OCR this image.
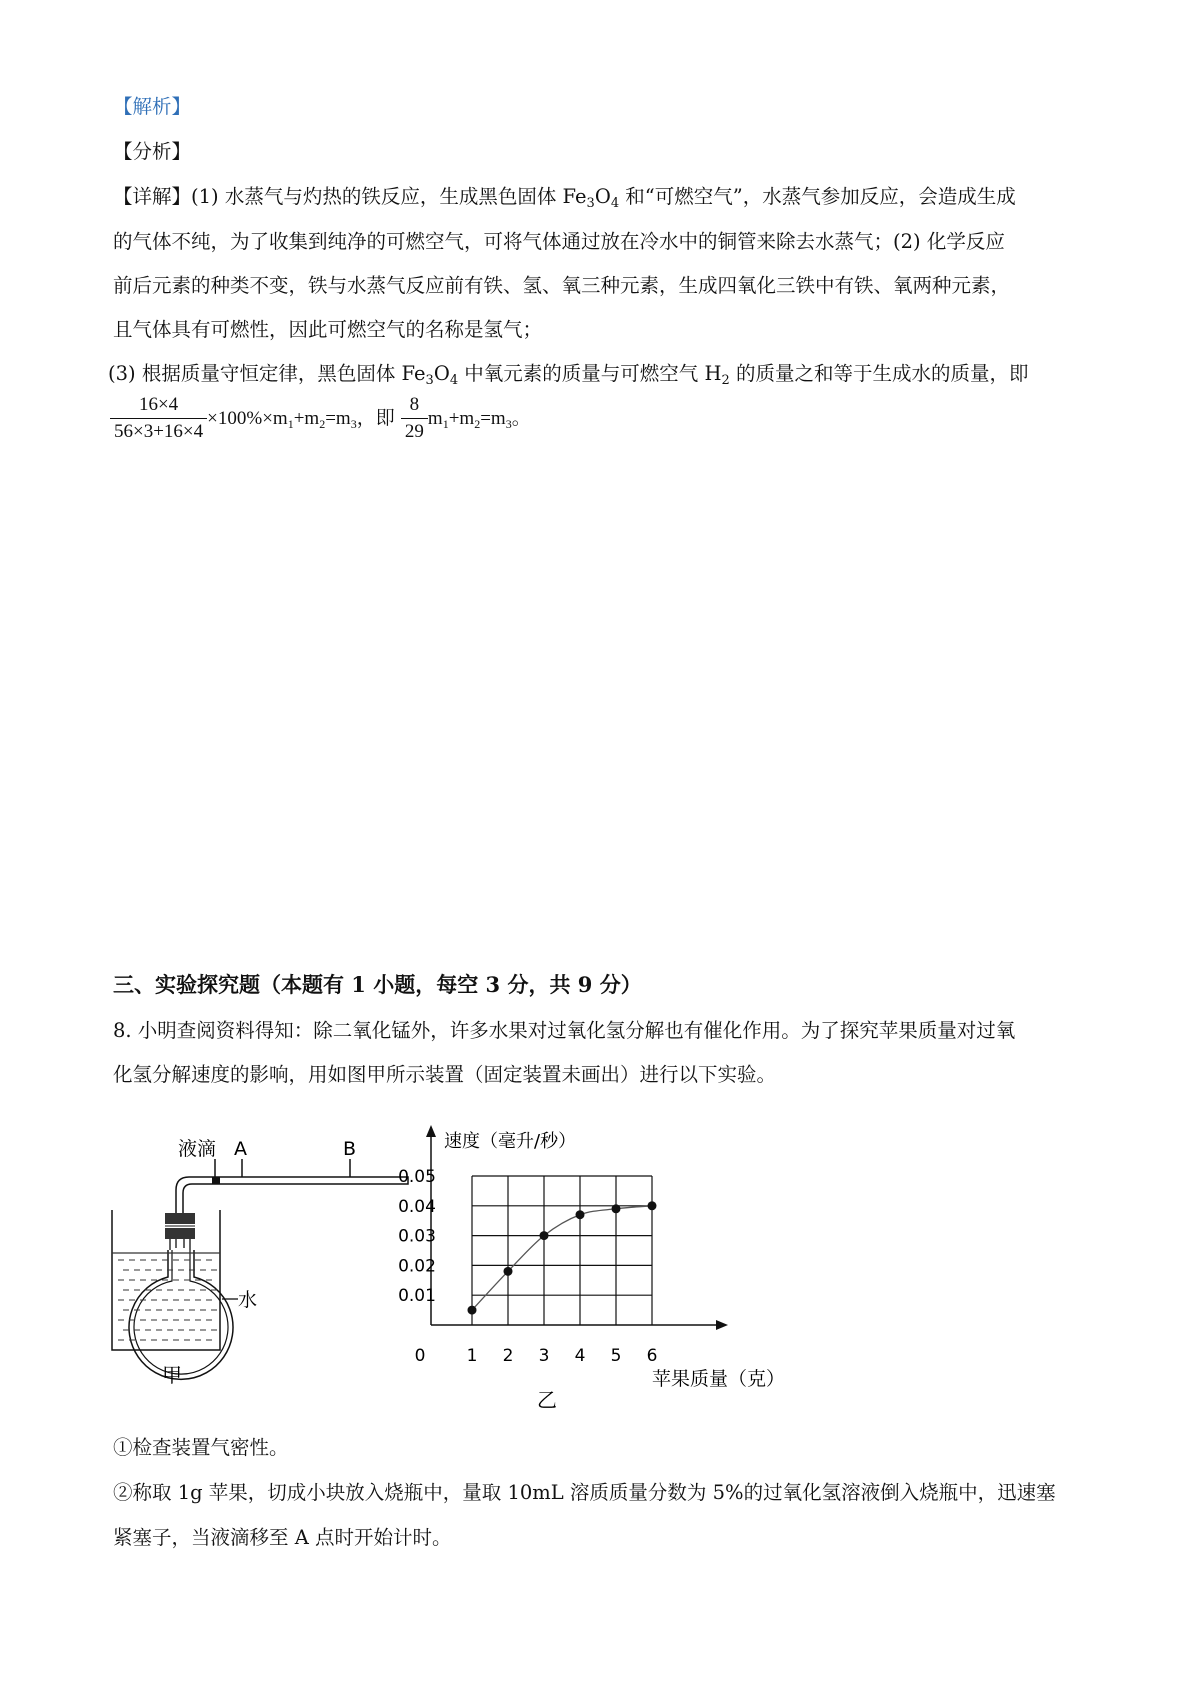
【解析】
【分析】
【详解】(1) 水蒸气与灼热的铁反应，生成黑色固体 $Fe_3O_4$ 和“可燃空气”，水蒸气参加反应，会造成生成
的气体不纯，为了收集到纯净的可燃空气，可将气体通过放在冷水中的铜管来除去水蒸气；(2) 化学反应
前后元素的种类不变，铁与水蒸气反应前有铁、氢、氧三种元素，生成四氧化三铁中有铁、氧两种元素，
且气体具有可燃性，因此可燃空气的名称是氢气；
(3) 根据质量守恒定律，黑色固体 $Fe_3O_4$ 中氧元素的质量与可燃空气 $H_2$ 的质量之和等于生成水的质量，即
$\frac{16\times 4}{56\times 3+16\times 4} \times 100\%\times m_1+m_2=m_3$，即 $\frac{8}{29} m_1+m_2=m_3$。
三、实验探究题（本题有 1 小题，每空 3 分，共 9 分）
8. 小明查阅资料得知：除二氧化锰外，许多水果对过氧化氢分解也有催化作用。为了探究苹果质量对过氧
化氢分解速度的影响，用如图甲所示装置（固定装置未画出）进行以下实验。
液滴 A	B
水
甲
速度（毫升/秒）
0
0.01
0.02
0.03
0.04
0.05
1 2 3 4 5 6
苹果质量（克）
乙
①检查装置气密性。
②称取 1g 苹果，切成小块放入烧瓶中，量取 10mL 溶质质量分数为 5%的过氧化氢溶液倒入烧瓶中，迅速塞
紧塞子，当液滴移至 A 点时开始计时。
